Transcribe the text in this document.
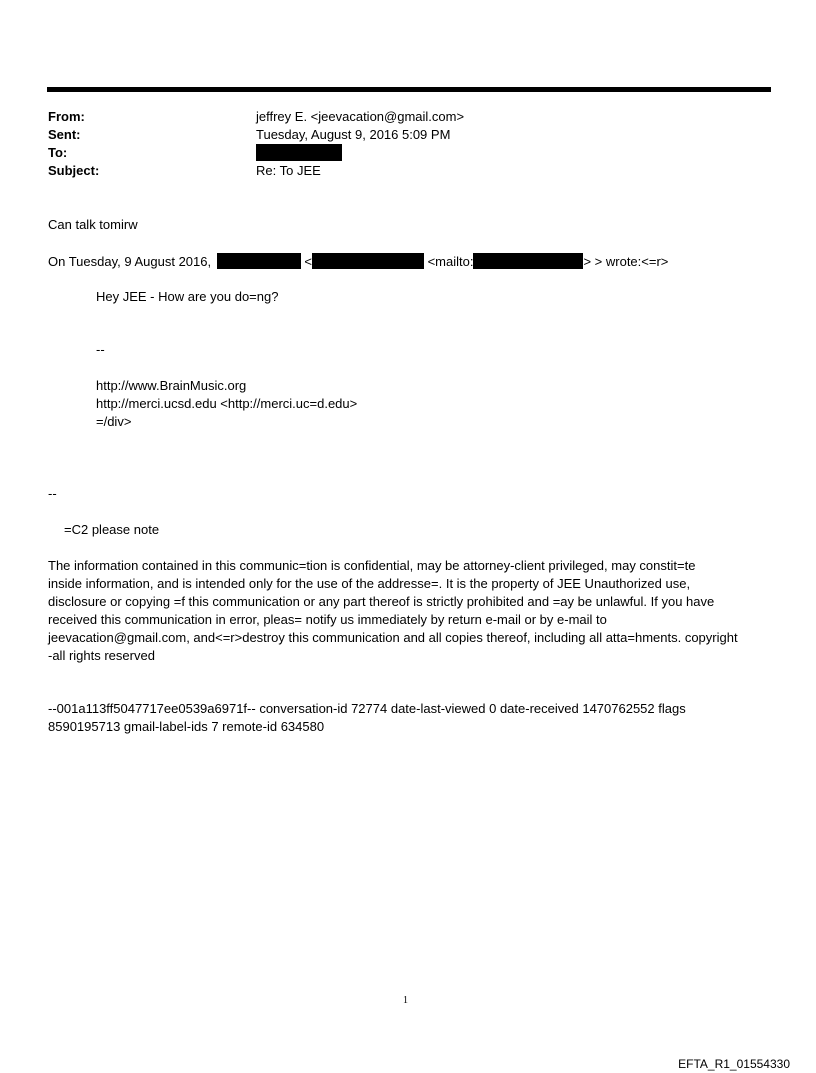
From:	jeffrey E. <jeevacation@gmail.com>
Sent:	Tuesday, August 9, 2016 5:09 PM
To:
Subject:	Re: To JEE
Can talk tomirw
On Tuesday, 9 August 2016,	<	<mailto:	> > wrote:<=r>
Hey JEE - How are you do=ng?
--
http://www.BrainMusic.org
http://merci.ucsd.edu <http://merci.uc=d.edu>
=/div>
--
=C2 please note
The information contained in this communic=tion is confidential, may be attorney-client privileged, may constit=te
inside information, and is intended only for the use of the addresse=. It is the property of JEE Unauthorized use,
disclosure or copying =f this communication or any part thereof is strictly prohibited and =ay be unlawful. If you have
received this communication in error, pleas= notify us immediately by return e-mail or by e-mail to
jeevacation@gmail.com, and<=r>destroy this communication and all copies thereof, including all atta=hments. copyright
-all rights reserved
--001a113ff5047717ee0539a6971f-- conversation-id 72774 date-last-viewed 0 date-received 1470762552 flags
8590195713 gmail-label-ids 7 remote-id 634580
1
EFTA_R1_01554330
